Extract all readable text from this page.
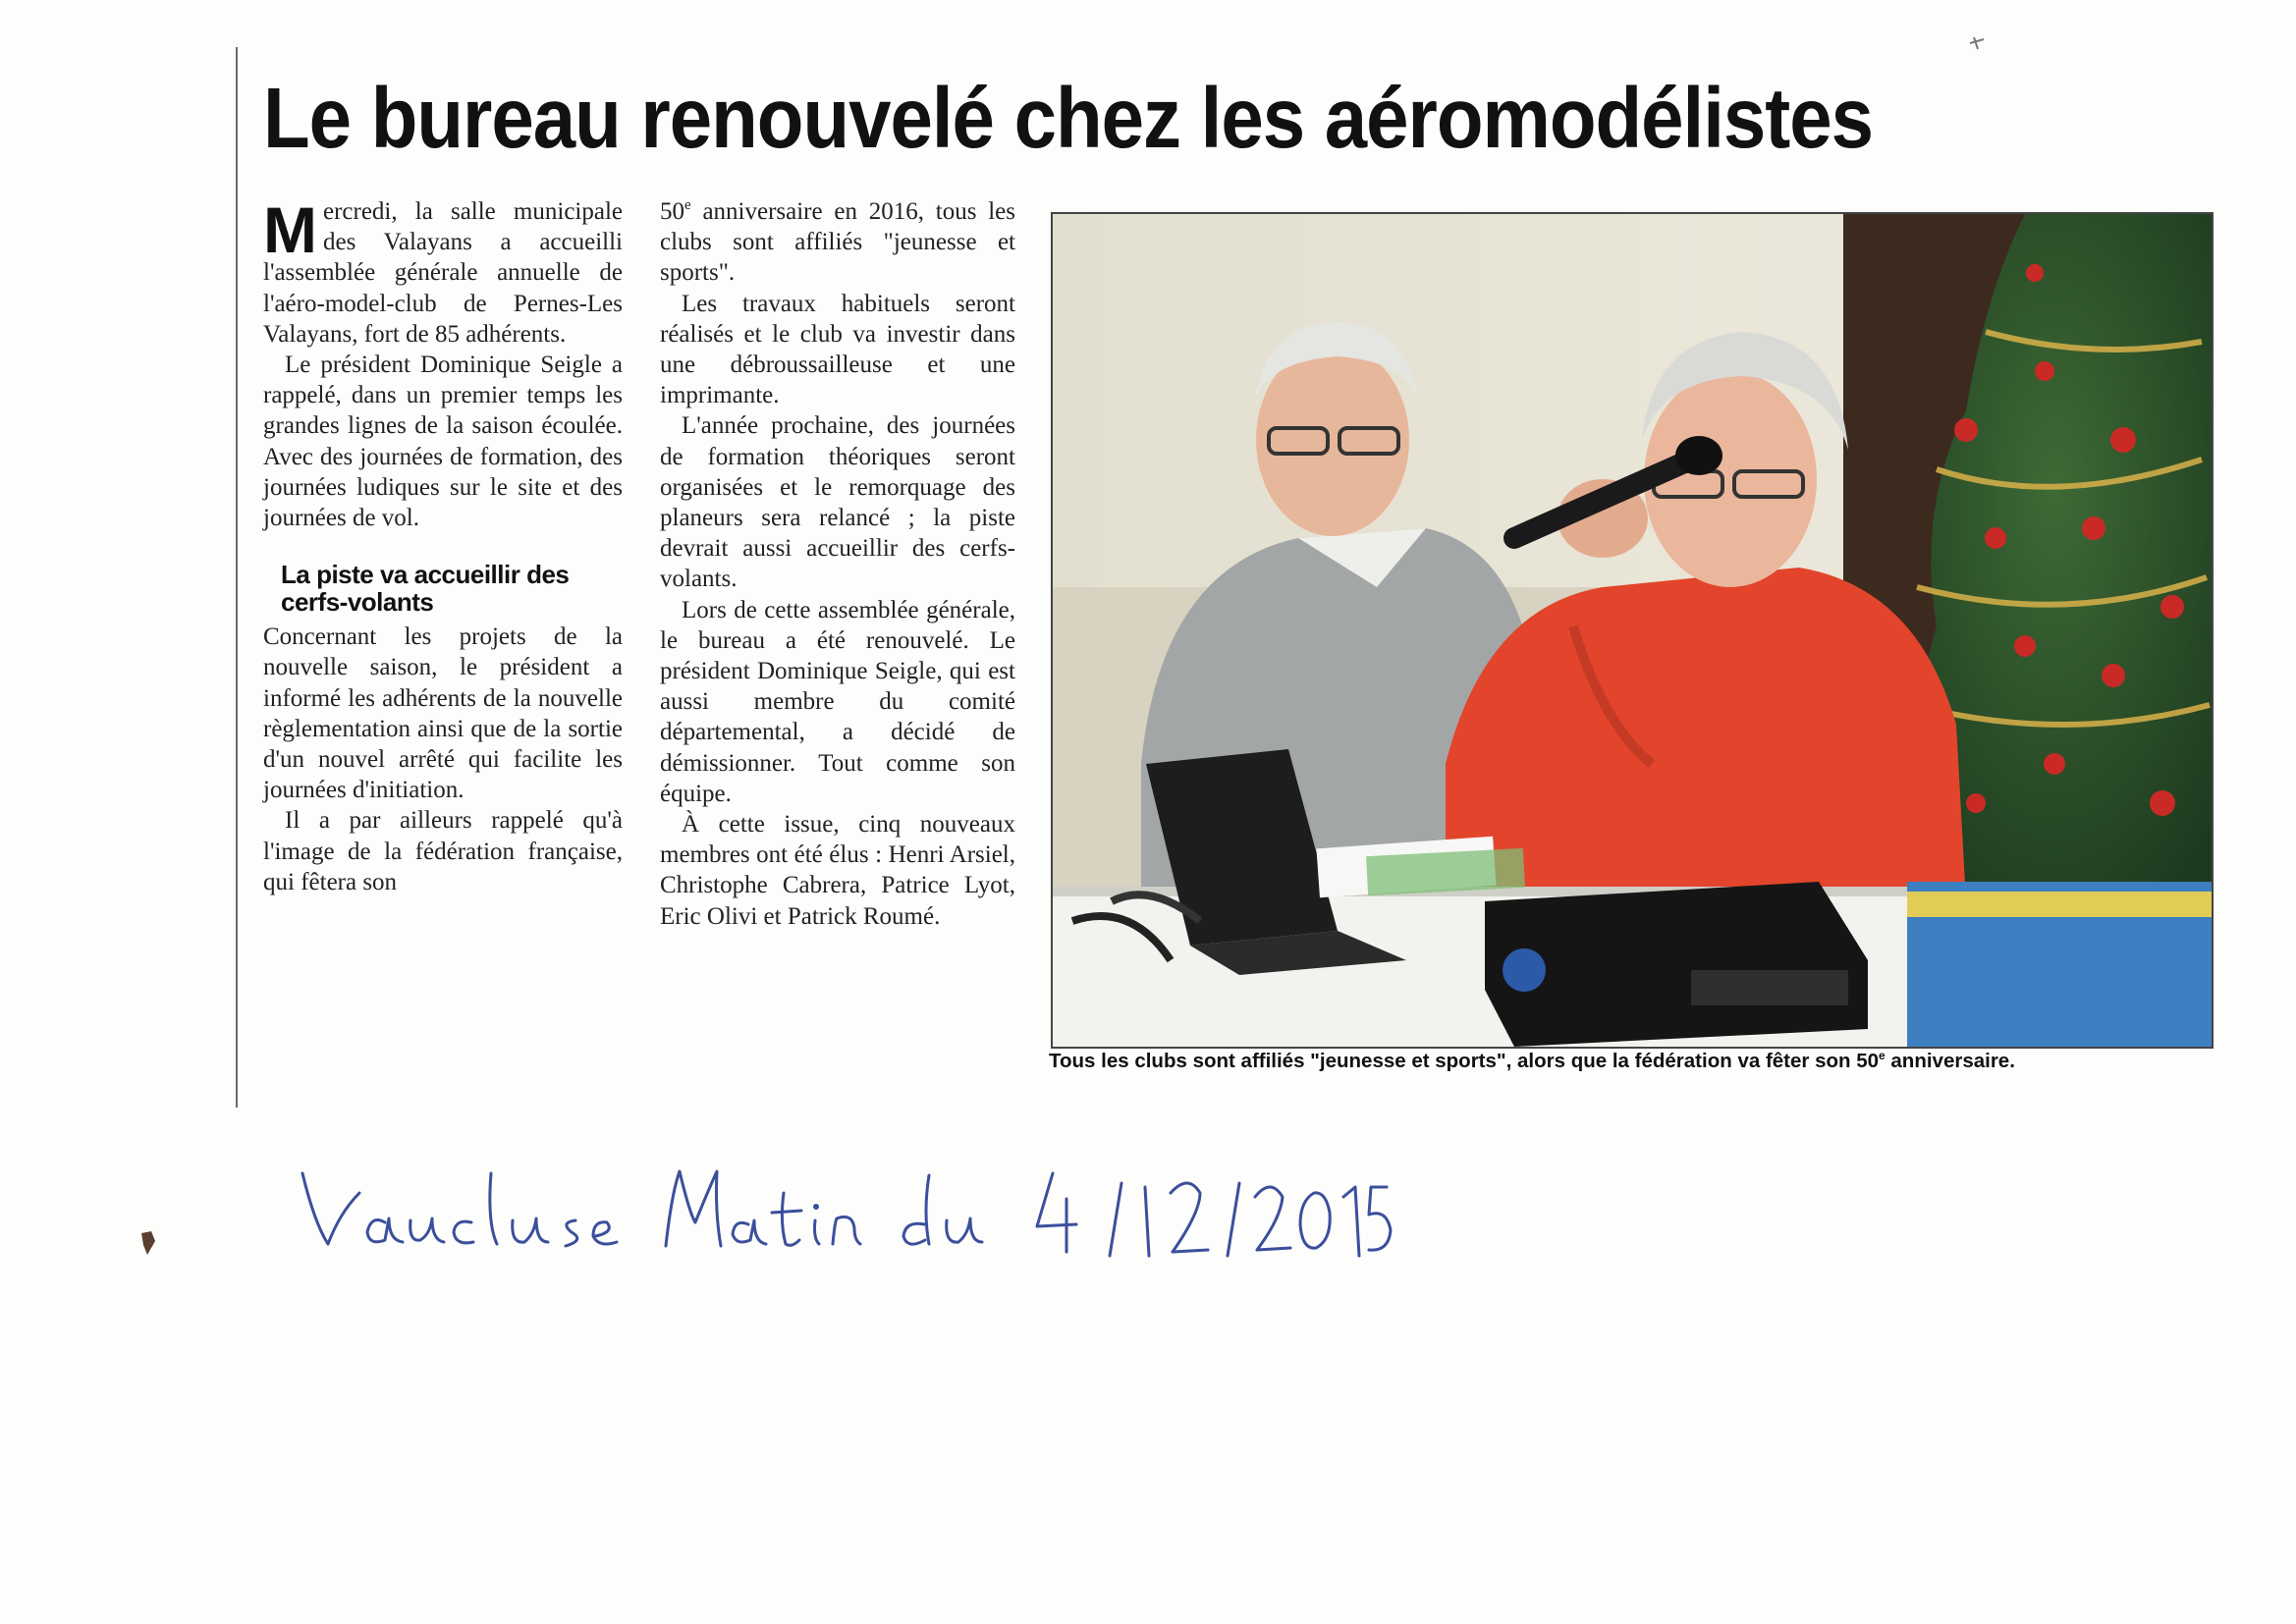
Le bureau renouvelé chez les aéromodélistes

Mercredi, la salle municipale des Valayans a accueilli l'assemblée générale annuelle de l'aéro-model-club de Pernes-Les Valayans, fort de 85 adhérents.

Le président Dominique Seigle a rappelé, dans un premier temps les grandes lignes de la saison écoulée. Avec des journées de formation, des journées ludiques sur le site et des journées de vol.

La piste va accueillir des cerfs-volants

Concernant les projets de la nouvelle saison, le président a informé les adhérents de la nouvelle règlementation ainsi que de la sortie d'un nouvel arrêté qui facilite les journées d'initiation.

Il a par ailleurs rappelé qu'à l'image de la fédération française, qui fêtera son

50e anniversaire en 2016, tous les clubs sont affiliés "jeunesse et sports".

Les travaux habituels seront réalisés et le club va investir dans une débroussailleuse et une imprimante.

L'année prochaine, des journées de formation théoriques seront organisées et le remorquage des planeurs sera relancé ; la piste devrait aussi accueillir des cerfs-volants.

Lors de cette assemblée générale, le bureau a été renouvelé. Le président Dominique Seigle, qui est aussi membre du comité départemental, a décidé de démissionner. Tout comme son équipe.

À cette issue, cinq nouveaux membres ont été élus : Henri Arsiel, Christophe Cabrera, Patrice Lyot, Eric Olivi et Patrick Roumé.

Tous les clubs sont affiliés "jeunesse et sports", alors que la fédération va fêter son 50e anniversaire.
